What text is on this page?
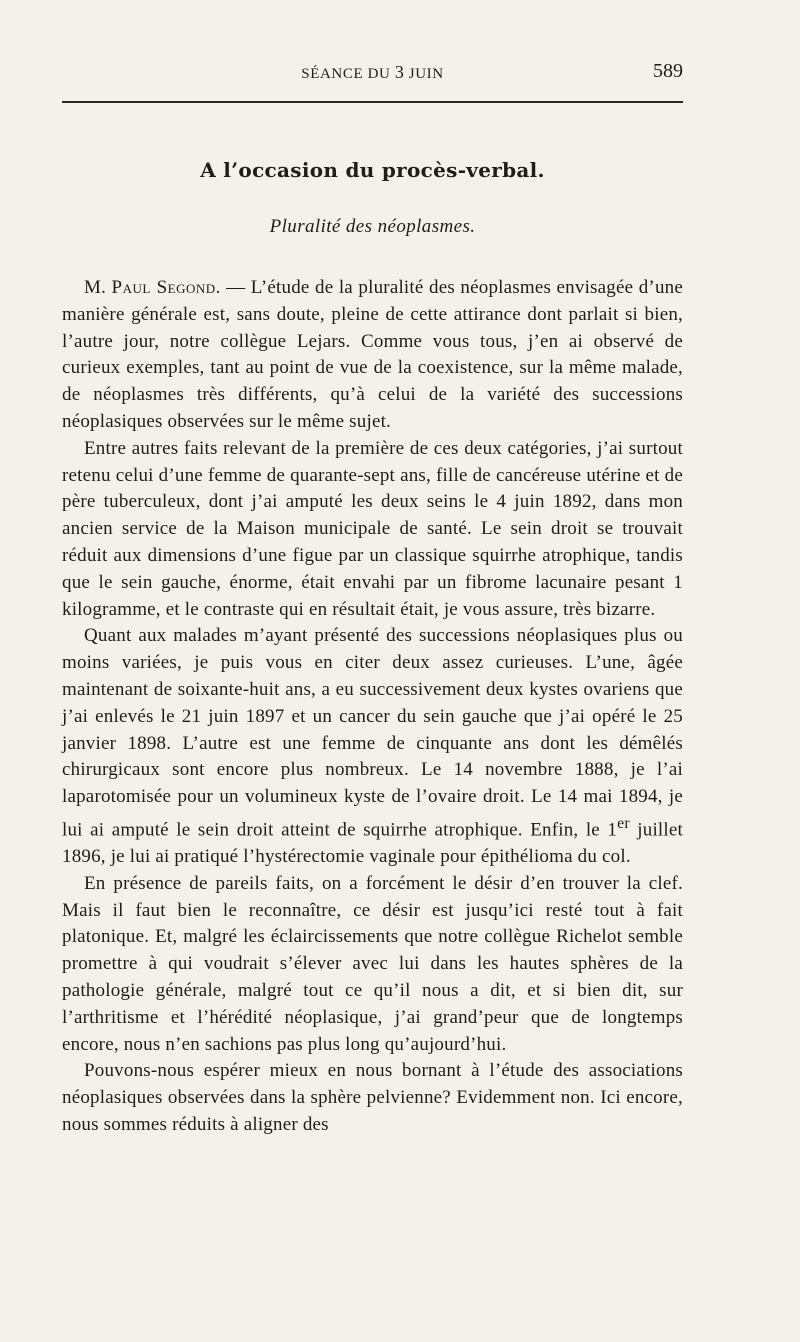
SÉANCE DU 3 JUIN	589
A l’occasion du procès-verbal.
Pluralité des néoplasmes.

M. Paul Segond. — L’étude de la pluralité des néoplasmes envisagée d’une manière générale est, sans doute, pleine de cette attirance dont parlait si bien, l’autre jour, notre collègue Lejars. Comme vous tous, j’en ai observé de curieux exemples, tant au point de vue de la coexistence, sur la même malade, de néoplasmes très différents, qu’à celui de la variété des successions néoplasiques observées sur le même sujet.

Entre autres faits relevant de la première de ces deux catégories, j’ai surtout retenu celui d’une femme de quarante-sept ans, fille de cancéreuse utérine et de père tuberculeux, dont j’ai amputé les deux seins le 4 juin 1892, dans mon ancien service de la Maison municipale de santé. Le sein droit se trouvait réduit aux dimensions d’une figue par un classique squirrhe atrophique, tandis que le sein gauche, énorme, était envahi par un fibrome lacunaire pesant 1 kilogramme, et le contraste qui en résultait était, je vous assure, très bizarre.

Quant aux malades m’ayant présenté des successions néoplasiques plus ou moins variées, je puis vous en citer deux assez curieuses. L’une, âgée maintenant de soixante-huit ans, a eu successivement deux kystes ovariens que j’ai enlevés le 21 juin 1897 et un cancer du sein gauche que j’ai opéré le 25 janvier 1898. L’autre est une femme de cinquante ans dont les démêlés chirurgicaux sont encore plus nombreux. Le 14 novembre 1888, je l’ai laparotomisée pour un volumineux kyste de l’ovaire droit. Le 14 mai 1894, je lui ai amputé le sein droit atteint de squirrhe atrophique. Enfin, le 1er juillet 1896, je lui ai pratiqué l’hystérectomie vaginale pour épithélioma du col.

En présence de pareils faits, on a forcément le désir d’en trouver la clef. Mais il faut bien le reconnaître, ce désir est jusqu’ici resté tout à fait platonique. Et, malgré les éclaircissements que notre collègue Richelot semble promettre à qui voudrait s’élever avec lui dans les hautes sphères de la pathologie générale, malgré tout ce qu’il nous a dit, et si bien dit, sur l’arthritisme et l’hérédité néoplasique, j’ai grand’peur que de longtemps encore, nous n’en sachions pas plus long qu’aujourd’hui.

Pouvons-nous espérer mieux en nous bornant à l’étude des associations néoplasiques observées dans la sphère pelvienne? Evidemment non. Ici encore, nous sommes réduits à aligner des
